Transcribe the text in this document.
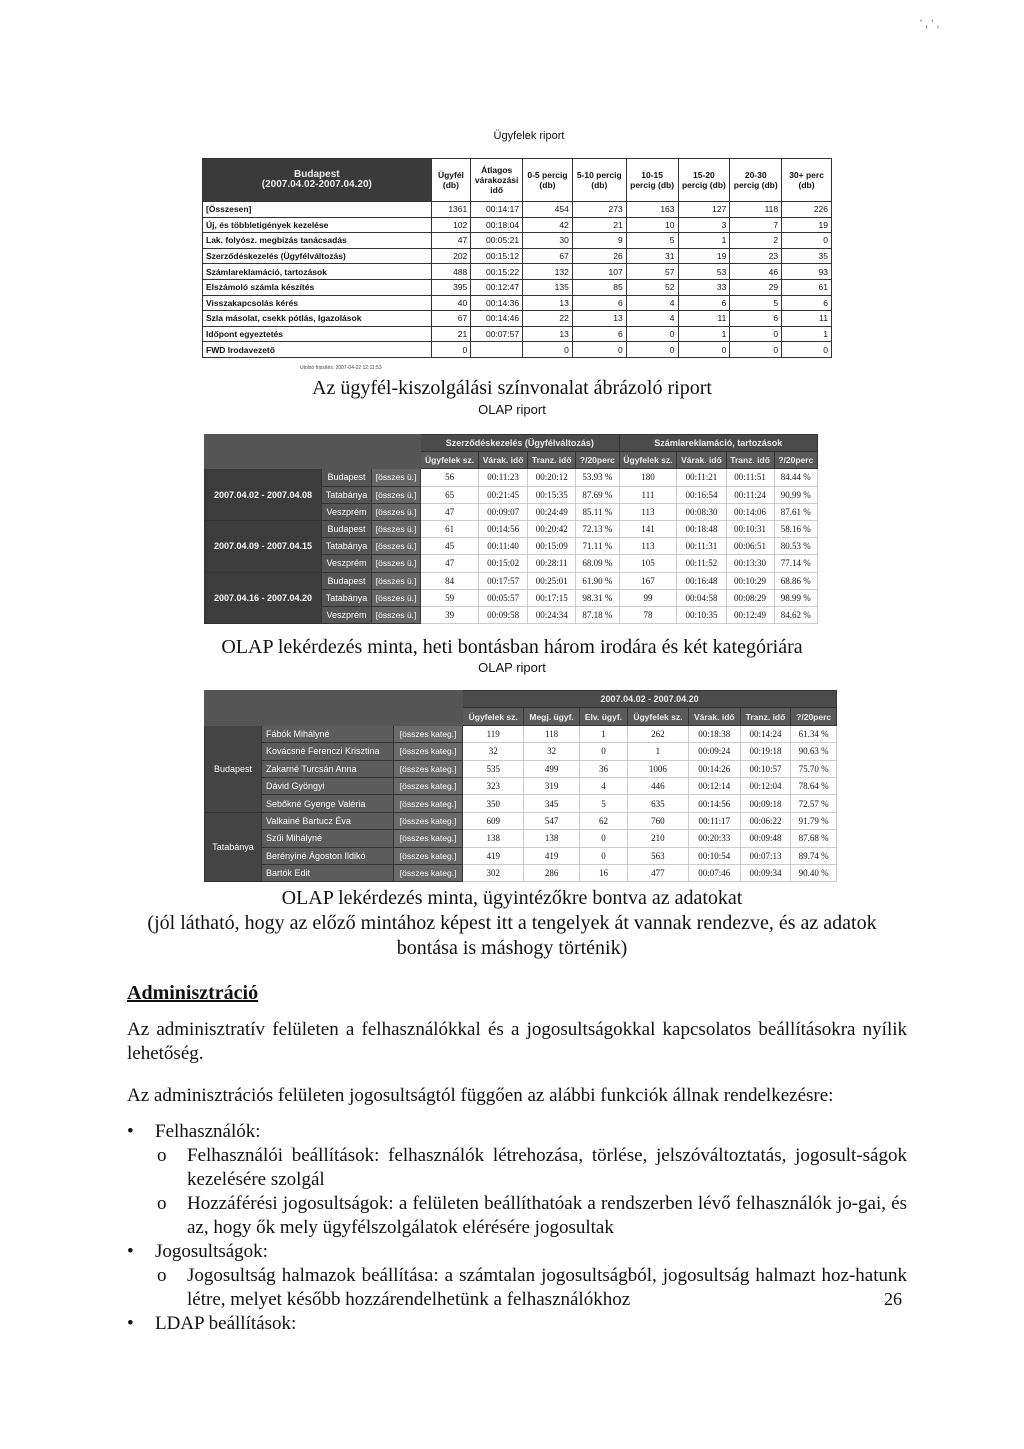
' , ' ,
Ügyfelek riport
Budapest
(2007.04.02-2007.04.20)	Ügyfél (db)	Átlagos várakozási idő	0-5 percig (db)	5-10 percig (db)	10-15 percig (db)	15-20 percig (db)	20-30 percig (db)	30+ perc (db)
[Összesen]	1361	00:14:17	454	273	163	127	118	226
Új, és többletigények kezelése	102	00:18:04	42	21	10	3	7	19
Lak. folyósz. megbízás tanácsadás	47	00:05:21	30	9	5	1	2	0
Szerződéskezelés (Ügyfélváltozás)	202	00:15:12	67	26	31	19	23	35
Számlareklamáció, tartozások	488	00:15:22	132	107	57	53	46	93
Elszámoló számla készítés	395	00:12:47	135	85	52	33	29	61
Visszakapcsolás kérés	40	00:14:36	13	6	4	6	5	6
Szla másolat, csekk pótlás, Igazolások	67	00:14:46	22	13	4	11	6	11
Időpont egyeztetés	21	00:07:57	13	6	0	1	0	1
FWD Irodavezető	0		0	0	0	0	0	0
Utolsó frissítés: 2007-04-22 12:11:53
Az ügyfél-kiszolgálási színvonalat ábrázoló riport
OLAP riport
			Szerződéskezelés (Ügyfélváltozás)				Számlareklamáció, tartozások			
			Ügyfelek sz.	Várak. idő	Tranz. idő	?/20perc	Ügyfelek sz.	Várak. idő	Tranz. idő	?/20perc
2007.04.02 - 2007.04.08	Budapest	[összes ü.]	56	00:11:23	00:20:12	53.93 %	180	00:11:21	00:11:51	84.44 %
	Tatabánya	[összes ü.]	65	00:21:45	00:15:35	87.69 %	111	00:16:54	00:11:24	90.99 %
	Veszprém	[összes ü.]	47	00:09:07	00:24:49	85.11 %	113	00:08:30	00:14:06	87.61 %
2007.04.09 - 2007.04.15	Budapest	[összes ü.]	61	00:14:56	00:20:42	72.13 %	141	00:18:48	00:10:31	58.16 %
	Tatabánya	[összes ü.]	45	00:11:40	00:15:09	71.11 %	113	00:11:31	00:06:51	80.53 %
	Veszprém	[összes ü.]	47	00:15:02	00:28:11	68.09 %	105	00:11:52	00:13:30	77.14 %
2007.04.16 - 2007.04.20	Budapest	[összes ü.]	84	00:17:57	00:25:01	61.90 %	167	00:16:48	00:10:29	68.86 %
	Tatabánya	[összes ü.]	59	00:05:57	00:17:15	98.31 %	99	00:04:58	00:08:29	98.99 %
	Veszprém	[összes ü.]	39	00:09:58	00:24:34	87.18 %	78	00:10:35	00:12:49	84.62 %
OLAP lekérdezés minta, heti bontásban három irodára és két kategóriára
OLAP riport
			2007.04.02 - 2007.04.20						
			Ügyfelek sz.	Megj. ügyf.	Elv. ügyf.	Ügyfelek sz.	Várak. idő	Tranz. idő	?/20perc
Budapest	Fábók Mihályné	[összes kateg.]	119	118	1	262	00:18:38	00:14:24	61.34 %
	Kovácsné Ferenczi Krisztina	[összes kateg.]	32	32	0	1	00:09:24	00:19:18	90.63 %
	Zakarné Turcsán Anna	[összes kateg.]	535	499	36	1006	00:14:26	00:10:57	75.70 %
	Dávid Gyöngyi	[összes kateg.]	323	319	4	446	00:12:14	00:12:04	78.64 %
	Sebőkné Gyenge Valéria	[összes kateg.]	350	345	5	635	00:14:56	00:09:18	72.57 %
Tatabánya	Valkainé Bartucz Éva	[összes kateg.]	609	547	62	760	00:11:17	00:06:22	91.79 %
	Szűi Mihályné	[összes kateg.]	138	138	0	210	00:20:33	00:09:48	87.68 %
	Berényiné Ágoston Ildikó	[összes kateg.]	419	419	0	563	00:10:54	00:07:13	89.74 %
	Bartók Edit	[összes kateg.]	302	286	16	477	00:07:46	00:09:34	90.40 %
OLAP lekérdezés minta, ügyintézőkre bontva az adatokat
(jól látható, hogy az előző mintához képest itt a tengelyek át vannak rendezve, és az adatok
bontása is máshogy történik)
Adminisztráció
Az adminisztratív felületen a felhasználókkal és a jogosultságokkal kapcsolatos beállításokra nyílik lehetőség.
Az adminisztrációs felületen jogosultságtól függően az alábbi funkciók állnak rendelkezésre:
• Felhasználók:
o Felhasználói beállítások: felhasználók létrehozása, törlése, jelszóváltoztatás, jogosult-ságok kezelésére szolgál
o Hozzáférési jogosultságok: a felületen beállíthatóak a rendszerben lévő felhasználók jo-gai, és az, hogy ők mely ügyfélszolgálatok elérésére jogosultak
• Jogosultságok:
o Jogosultság halmazok beállítása: a számtalan jogosultságból, jogosultság halmazt hoz-hatunk létre, melyet később hozzárendelhetünk a felhasználókhoz
• LDAP beállítások:
26
